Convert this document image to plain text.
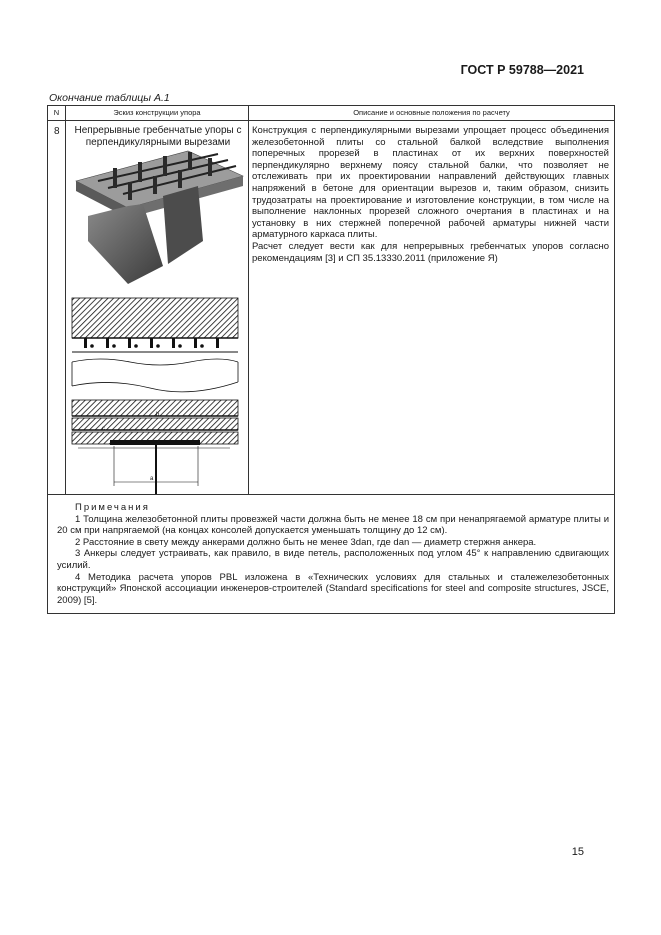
ГОСТ Р 59788—2021
Окончание таблицы А.1
N	Эскиз конструкции упора	Описание и основные положения по расчету
8 Непрерывные гребенчатые упоры с перпендикулярными вырезами
b
c
a

Конструкция с перпендикулярными вырезами упрощает процесс объединения железобетонной плиты со стальной балкой вследствие выполнения поперечных прорезей в пластинах от их верхних поверхностей перпендикулярно верхнему поясу стальной балки, что позволяет не отслеживать при их проектировании направлений действующих главных напряжений в бетоне для ориентации вырезов и, таким образом, снизить трудозатраты на проектирование и изготовление конструкции, в том числе на выполнение наклонных прорезей сложного очертания в пластинах и на установку в них стержней поперечной рабочей арматуры нижней части арматурного каркаса плиты.

Расчет следует вести как для непрерывных гребенчатых упоров согласно рекомендациям [3] и СП 35.13330.2011 (приложение Я)

Примечания

1 Толщина железобетонной плиты провезжей части должна быть не менее 18 см при ненапрягаемой арматуре плиты и 20 см при напрягаемой (на концах консолей допускается уменьшать толщину до 12 см).

2 Расстояние в свету между анкерами должно быть не менее 3dan, где dan — диаметр стержня анкера.

3 Анкеры следует устраивать, как правило, в виде петель, расположенных под углом 45° к направлению сдвигающих усилий.

4 Методика расчета упоров PBL изложена в «Технических условиях для стальных и сталежелезобетонных конструкций» Японской ассоциации инженеров-строителей (Standard specifications for steel and composite structures, JSCE, 2009) [5].

15
